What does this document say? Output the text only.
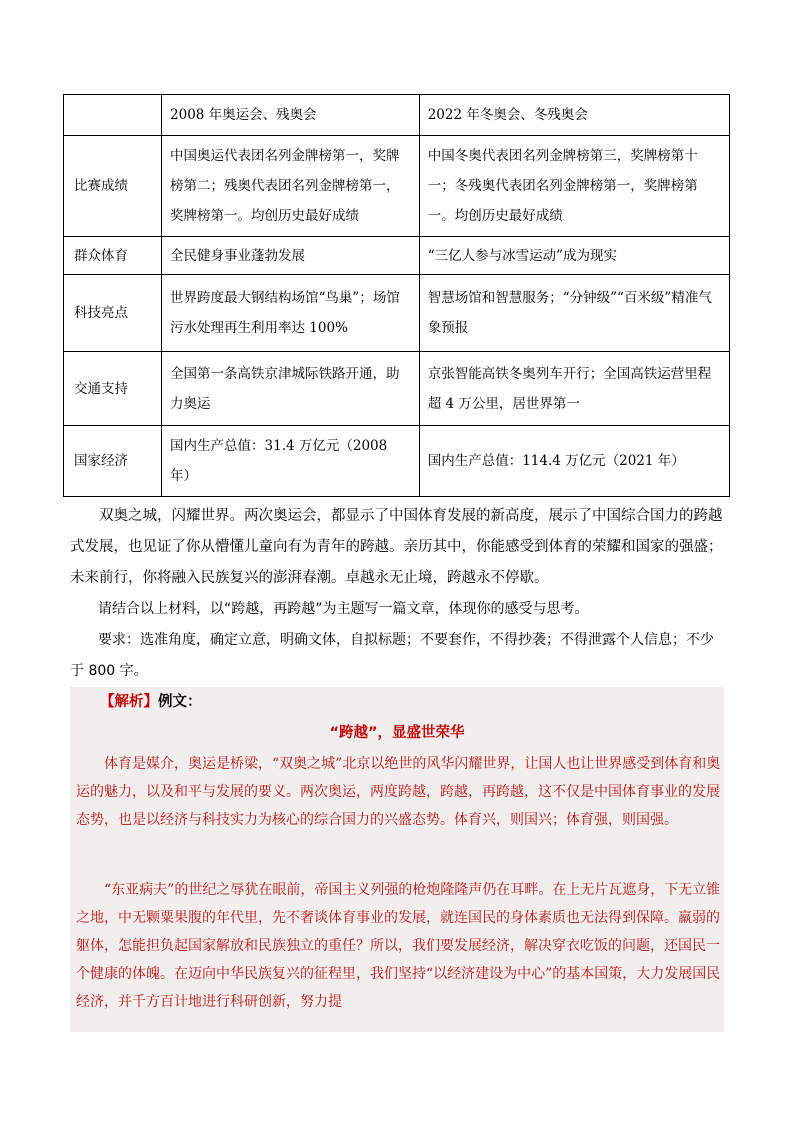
	2008 年奥运会、残奥会	2022 年冬奥会、冬残奥会
比赛成绩	中国奥运代表团名列金牌榜第一，奖牌榜第二；残奥代表团名列金牌榜第一，奖牌榜第一。均创历史最好成绩	中国冬奥代表团名列金牌榜第三，奖牌榜第十一；冬残奥代表团名列金牌榜第一，奖牌榜第一。均创历史最好成绩
群众体育	全民健身事业蓬勃发展	“三亿人参与冰雪运动”成为现实
科技亮点	世界跨度最大钢结构场馆“鸟巢”；场馆污水处理再生利用率达 100%	智慧场馆和智慧服务；“分钟级”“百米级”精准气象预报
交通支持	全国第一条高铁京津城际铁路开通，助力奥运	京张智能高铁冬奥列车开行；全国高铁运营里程超 4 万公里，居世界第一
国家经济	国内生产总值：31.4 万亿元（2008 年）	国内生产总值：114.4 万亿元（2021 年）

双奥之城，闪耀世界。两次奥运会，都显示了中国体育发展的新高度，展示了中国综合国力的跨越式发展，也见证了你从懵懂儿童向有为青年的跨越。亲历其中，你能感受到体育的荣耀和国家的强盛；未来前行，你将融入民族复兴的澎湃春潮。卓越永无止境，跨越永不停歇。

请结合以上材料，以“跨越，再跨越”为主题写一篇文章，体现你的感受与思考。

要求：选准角度，确定立意，明确文体，自拟标题；不要套作，不得抄袭；不得泄露个人信息；不少于 800 字。

【解析】例文：
“跨越”，显盛世荣华

体育是媒介，奥运是桥梁，“双奥之城”北京以绝世的风华闪耀世界，让国人也让世界感受到体育和奥运的魅力，以及和平与发展的要义。两次奥运，两度跨越，跨越，再跨越，这不仅是中国体育事业的发展态势，也是以经济与科技实力为核心的综合国力的兴盛态势。体育兴，则国兴；体育强，则国强。

“东亚病夫”的世纪之辱犹在眼前，帝国主义列强的枪炮隆隆声仍在耳畔。在上无片瓦遮身，下无立锥之地，中无颗粟果腹的年代里，先不奢谈体育事业的发展，就连国民的身体素质也无法得到保障。羸弱的躯体，怎能担负起国家解放和民族独立的重任？所以，我们要发展经济，解决穿衣吃饭的问题，还国民一个健康的体魄。在迈向中华民族复兴的征程里，我们坚持“以经济建设为中心”的基本国策，大力发展国民经济，并千方百计地进行科研创新，努力提
